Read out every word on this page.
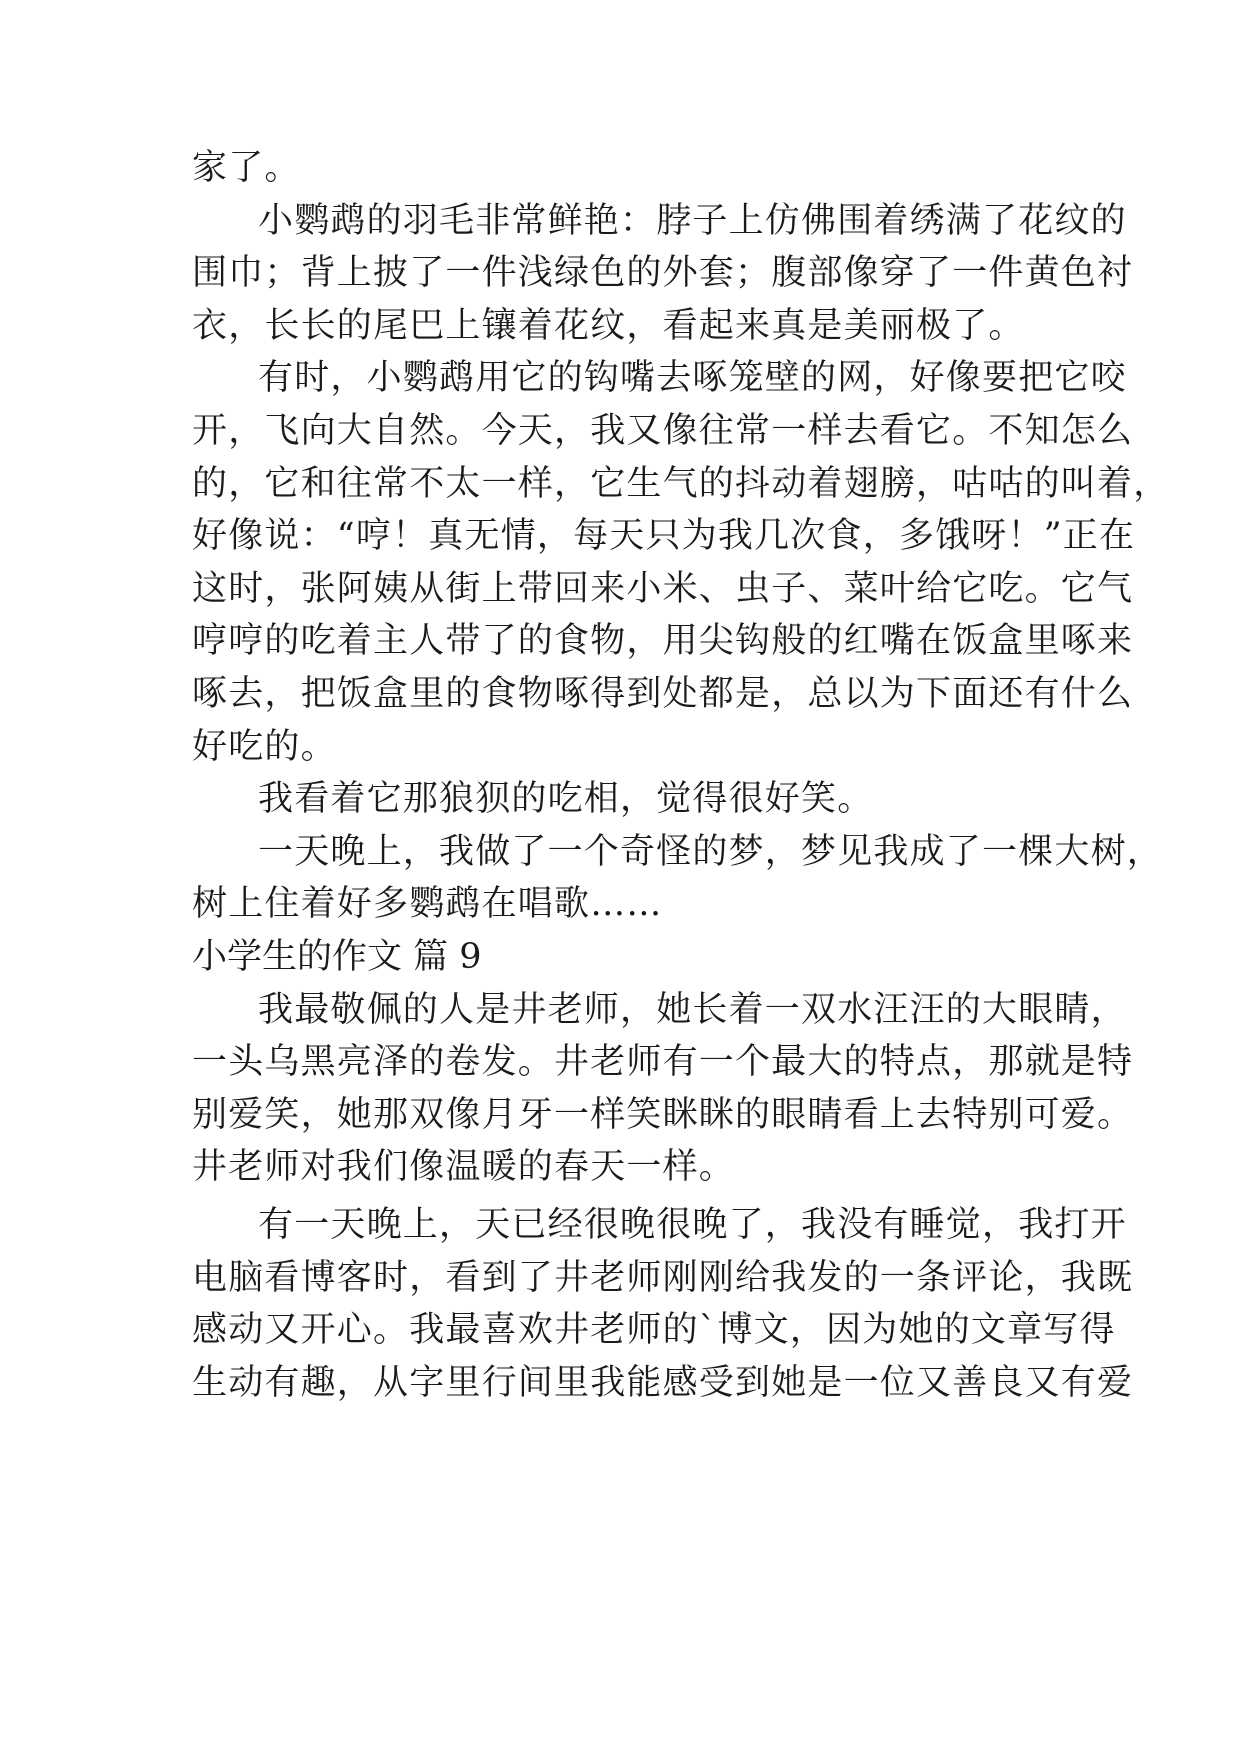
家了。
小鹦鹉的羽毛非常鲜艳：脖子上仿佛围着绣满了花纹的
围巾；背上披了一件浅绿色的外套；腹部像穿了一件黄色衬
衣，长长的尾巴上镶着花纹，看起来真是美丽极了。
有时，小鹦鹉用它的钩嘴去啄笼壁的网，好像要把它咬
开，飞向大自然。今天，我又像往常一样去看它。不知怎么
的，它和往常不太一样，它生气的抖动着翅膀，咕咕的叫着，
好像说：“哼！真无情，每天只为我几次食，多饿呀！”正在
这时，张阿姨从街上带回来小米、虫子、菜叶给它吃。它气
哼哼的吃着主人带了的食物，用尖钩般的红嘴在饭盒里啄来
啄去，把饭盒里的食物啄得到处都是，总以为下面还有什么
好吃的。
我看着它那狼狈的吃相，觉得很好笑。
一天晚上，我做了一个奇怪的梦，梦见我成了一棵大树，
树上住着好多鹦鹉在唱歌……
小学生的作文 篇 9
我最敬佩的人是井老师，她长着一双水汪汪的大眼睛，
一头乌黑亮泽的卷发。井老师有一个最大的特点，那就是特
别爱笑，她那双像月牙一样笑眯眯的眼睛看上去特别可爱。
井老师对我们像温暖的春天一样。
有一天晚上，天已经很晚很晚了，我没有睡觉，我打开
电脑看博客时，看到了井老师刚刚给我发的一条评论，我既
感动又开心。我最喜欢井老师的`博文，因为她的文章写得
生动有趣，从字里行间里我能感受到她是一位又善良又有爱
